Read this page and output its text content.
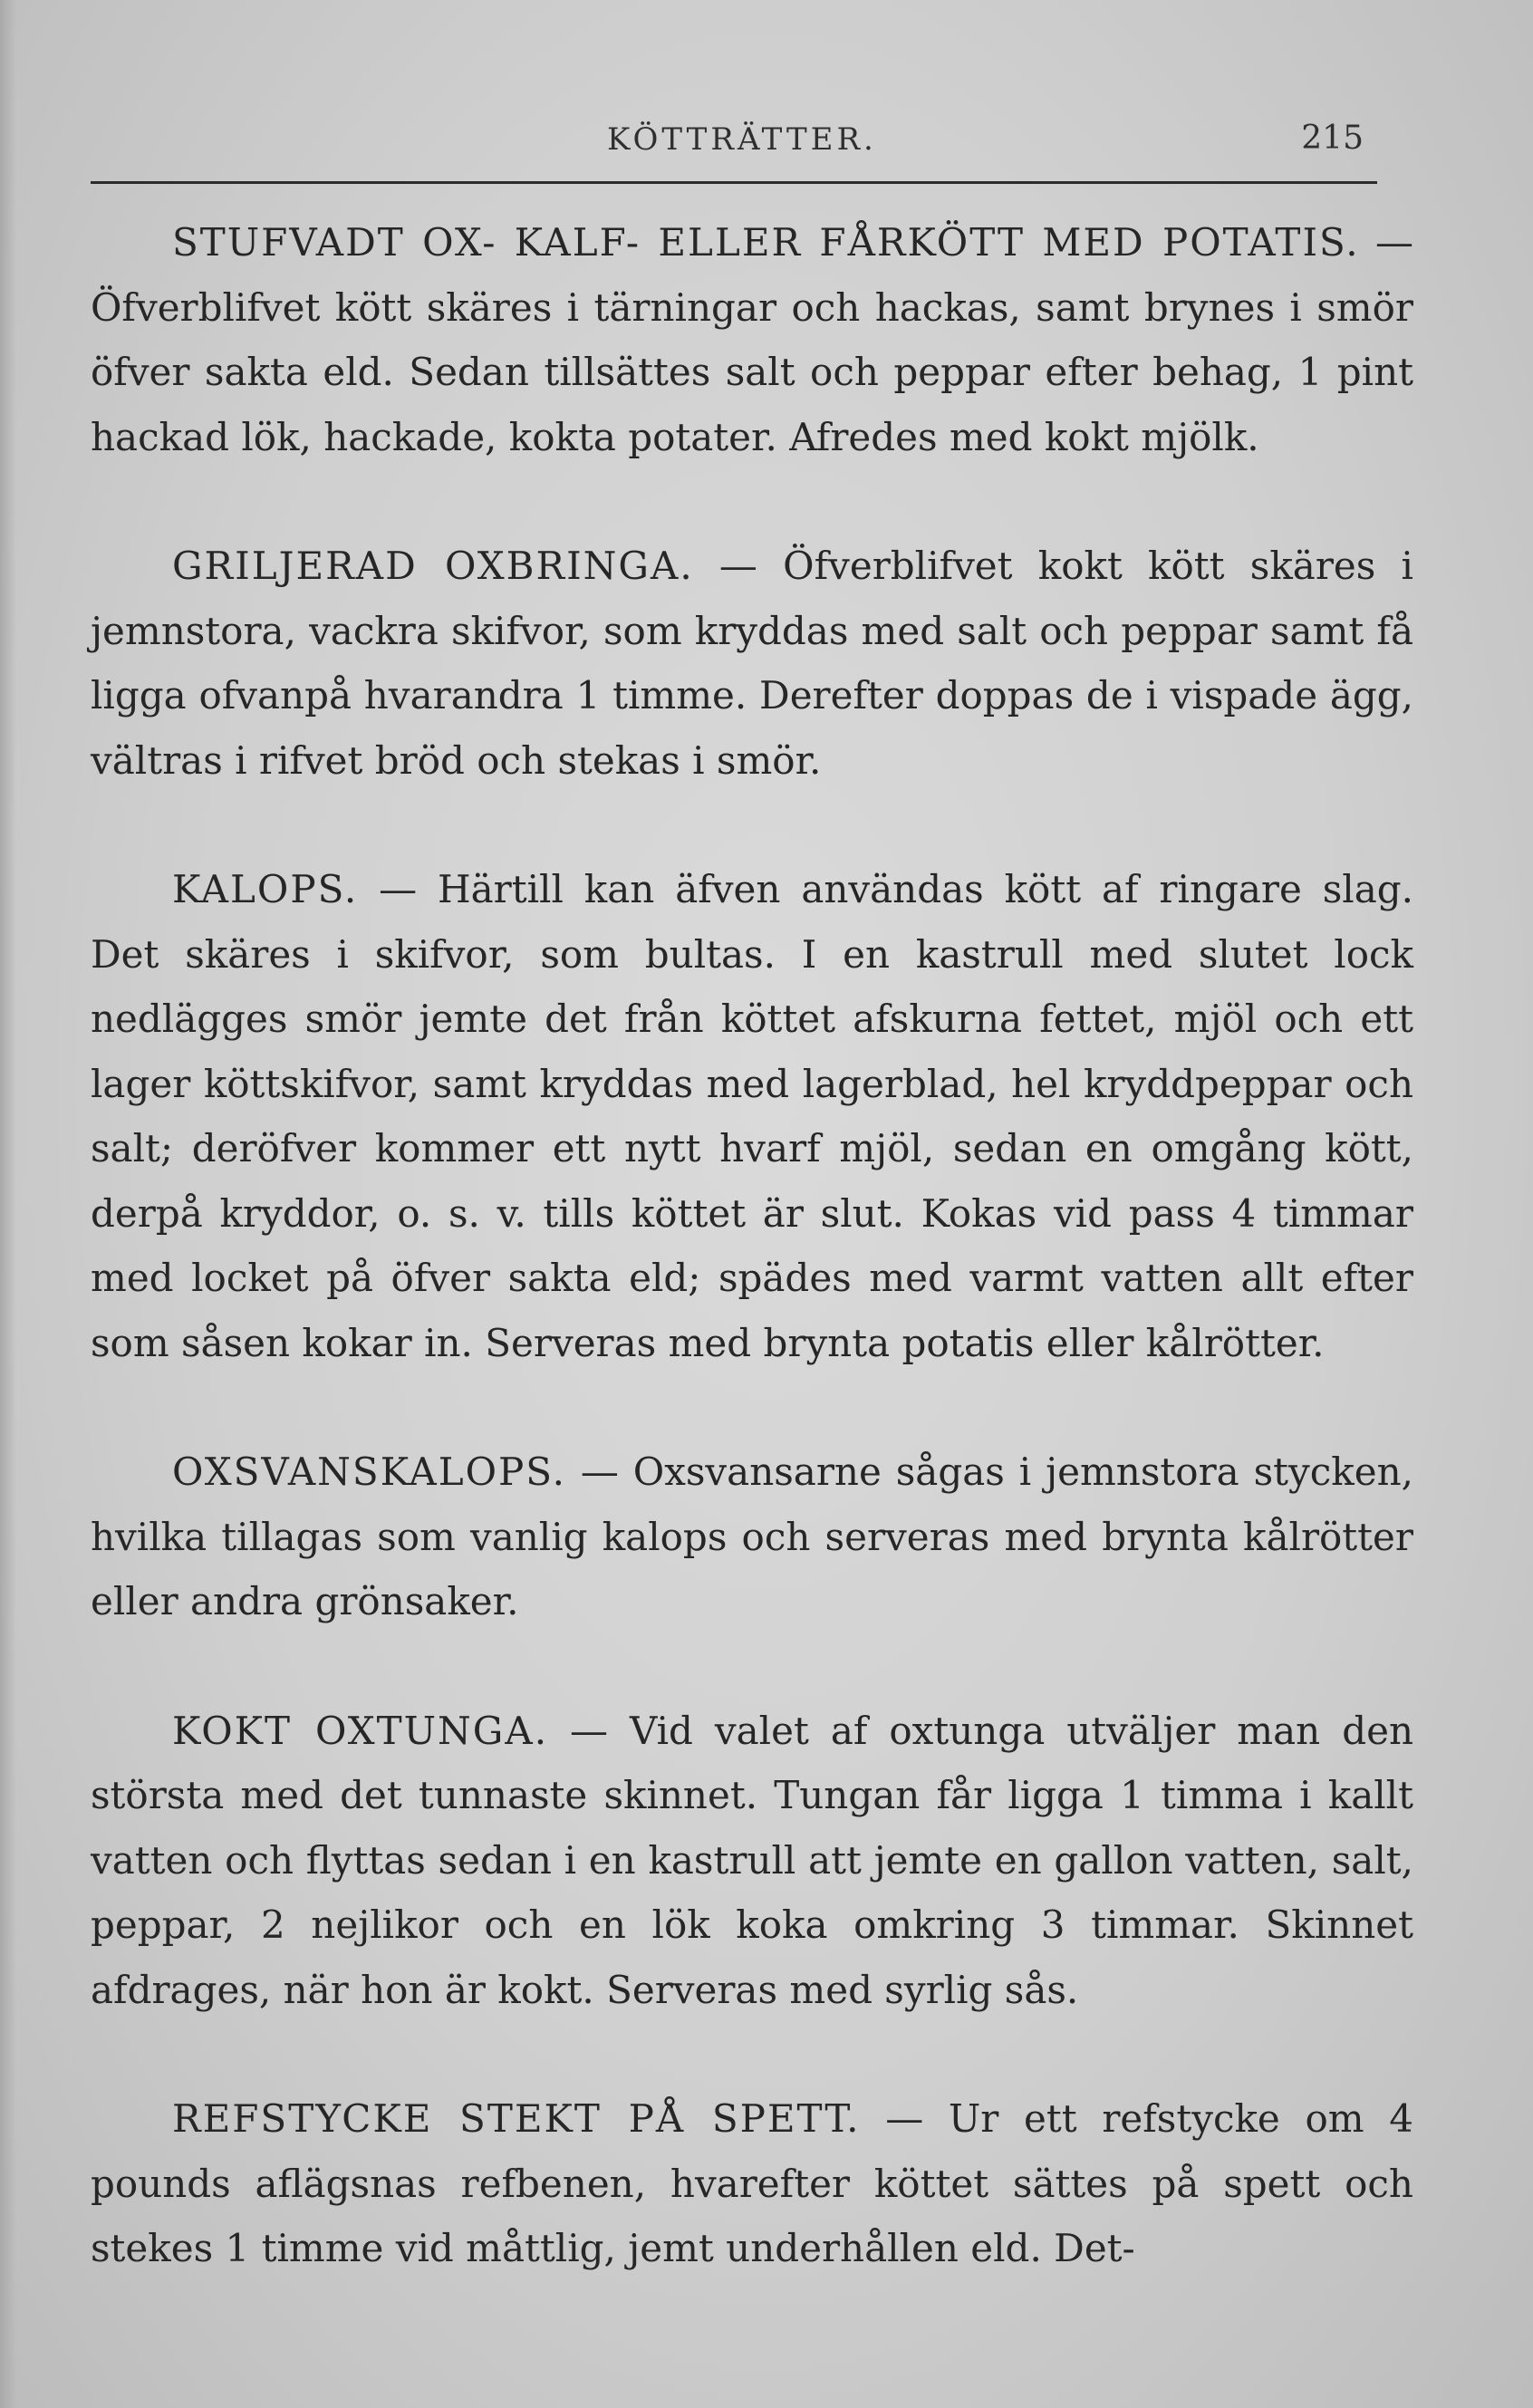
KÖTTRÄTTER.	215

STUFVADT OX- KALF- ELLER FÅRKÖTT MED POTATIS. — Öfverblifvet kött skäres i tärningar och hackas, samt brynes i smör öfver sakta eld. Sedan tillsättes salt och peppar efter behag, 1 pint hackad lök, hackade, kokta potater. Afredes med kokt mjölk.

GRILJERAD OXBRINGA. — Öfverblifvet kokt kött skäres i jemnstora, vackra skifvor, som kryddas med salt och peppar samt få ligga ofvanpå hvarandra 1 timme. Derefter doppas de i vispade ägg, vältras i rifvet bröd och stekas i smör.

KALOPS. — Härtill kan äfven användas kött af ringare slag. Det skäres i skifvor, som bultas. I en kastrull med slutet lock nedlägges smör jemte det från köttet afskurna fettet, mjöl och ett lager köttskifvor, samt kryddas med lagerblad, hel kryddpeppar och salt; deröfver kommer ett nytt hvarf mjöl, sedan en omgång kött, derpå kryddor, o. s. v. tills köttet är slut. Kokas vid pass 4 timmar med locket på öfver sakta eld; spädes med varmt vatten allt efter som såsen kokar in. Serveras med brynta potatis eller kålrötter.

OXSVANSKALOPS. — Oxsvansarne sågas i jemnstora stycken, hvilka tillagas som vanlig kalops och serveras med brynta kålrötter eller andra grönsaker.

KOKT OXTUNGA. — Vid valet af oxtunga utväljer man den största med det tunnaste skinnet. Tungan får ligga 1 timma i kallt vatten och flyttas sedan i en kastrull att jemte en gallon vatten, salt, peppar, 2 nejlikor och en lök koka omkring 3 timmar. Skinnet afdrages, när hon är kokt. Serveras med syrlig sås.

REFSTYCKE STEKT PÅ SPETT. — Ur ett refstycke om 4 pounds aflägsnas refbenen, hvarefter köttet sättes på spett och stekes 1 timme vid måttlig, jemt underhållen eld. Det-
